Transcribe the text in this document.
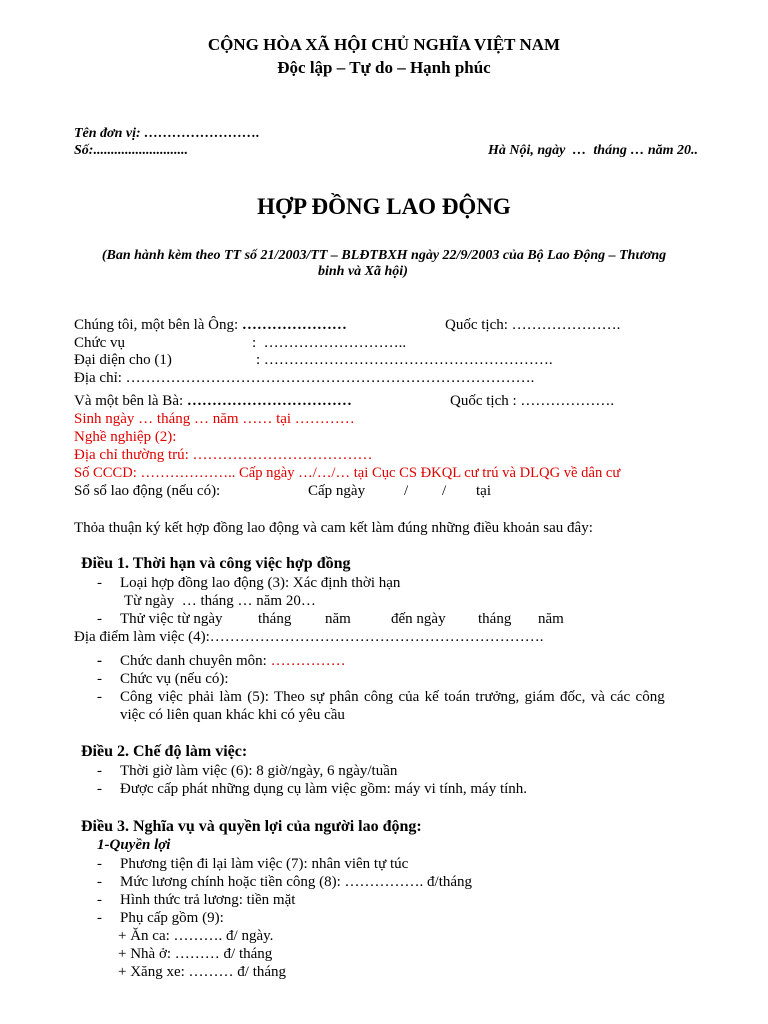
CỘNG HÒA XÃ HỘI CHỦ NGHĨA VIỆT NAM
Độc lập – Tự do – Hạnh phúc
Tên đơn vị: …………………….
Số:...........................	Hà Nội, ngày  …  tháng … năm 20..
HỢP ĐỒNG LAO ĐỘNG
(Ban hành kèm theo TT số 21/2003/TT – BLĐTBXH ngày 22/9/2003 của Bộ Lao Động – Thương
binh và Xã hội)
Chúng tôi, một bên là Ông: …………………	Quốc tịch: ………………….
Chức vụ	:  ………………………..
Đại diện cho (1)	: ………………………………………………….
Địa chỉ: ……………………………………………………………………….
Và một bên là Bà: ……………………………	Quốc tịch : ……………….
Sinh ngày … tháng … năm …… tại …………
Nghề nghiệp (2):
Địa chỉ thường trú: ………………………………
Số CCCD: ……………….. Cấp ngày …/…/… tại Cục CS ĐKQL cư trú và DLQG về dân cư
Sổ sổ lao động (nếu có):	Cấp ngày	/ / tại
Thỏa thuận ký kết hợp đồng lao động và cam kết làm đúng những điều khoản sau đây:
Điều 1. Thời hạn và công việc hợp đồng
- Loại hợp đồng lao động (3): Xác định thời hạn
Từ ngày  … tháng … năm 20…
- Thử việc từ ngày tháng năm	đến ngày tháng năm
Địa điểm làm việc (4):………………………………………………………….
- Chức danh chuyên môn: ……………
- Chức vụ (nếu có):
- Công việc phải làm (5): Theo sự phân công của kế toán trưởng, giám đốc, và các công
việc có liên quan khác khi có yêu cầu
Điều 2. Chế độ làm việc:
- Thời giờ làm việc (6): 8 giờ/ngày, 6 ngày/tuần
- Được cấp phát những dụng cụ làm việc gồm: máy vi tính, máy tính.
Điều 3. Nghĩa vụ và quyền lợi của người lao động:
1-Quyền lợi
- Phương tiện đi lại làm việc (7): nhân viên tự túc
- Mức lương chính hoặc tiền công (8): ……………. đ/tháng
- Hình thức trả lương: tiền mặt
- Phụ cấp gồm (9):
+ Ăn ca: ………. đ/ ngày.
+ Nhà ở: ……… đ/ tháng
+ Xăng xe: ……… đ/ tháng
